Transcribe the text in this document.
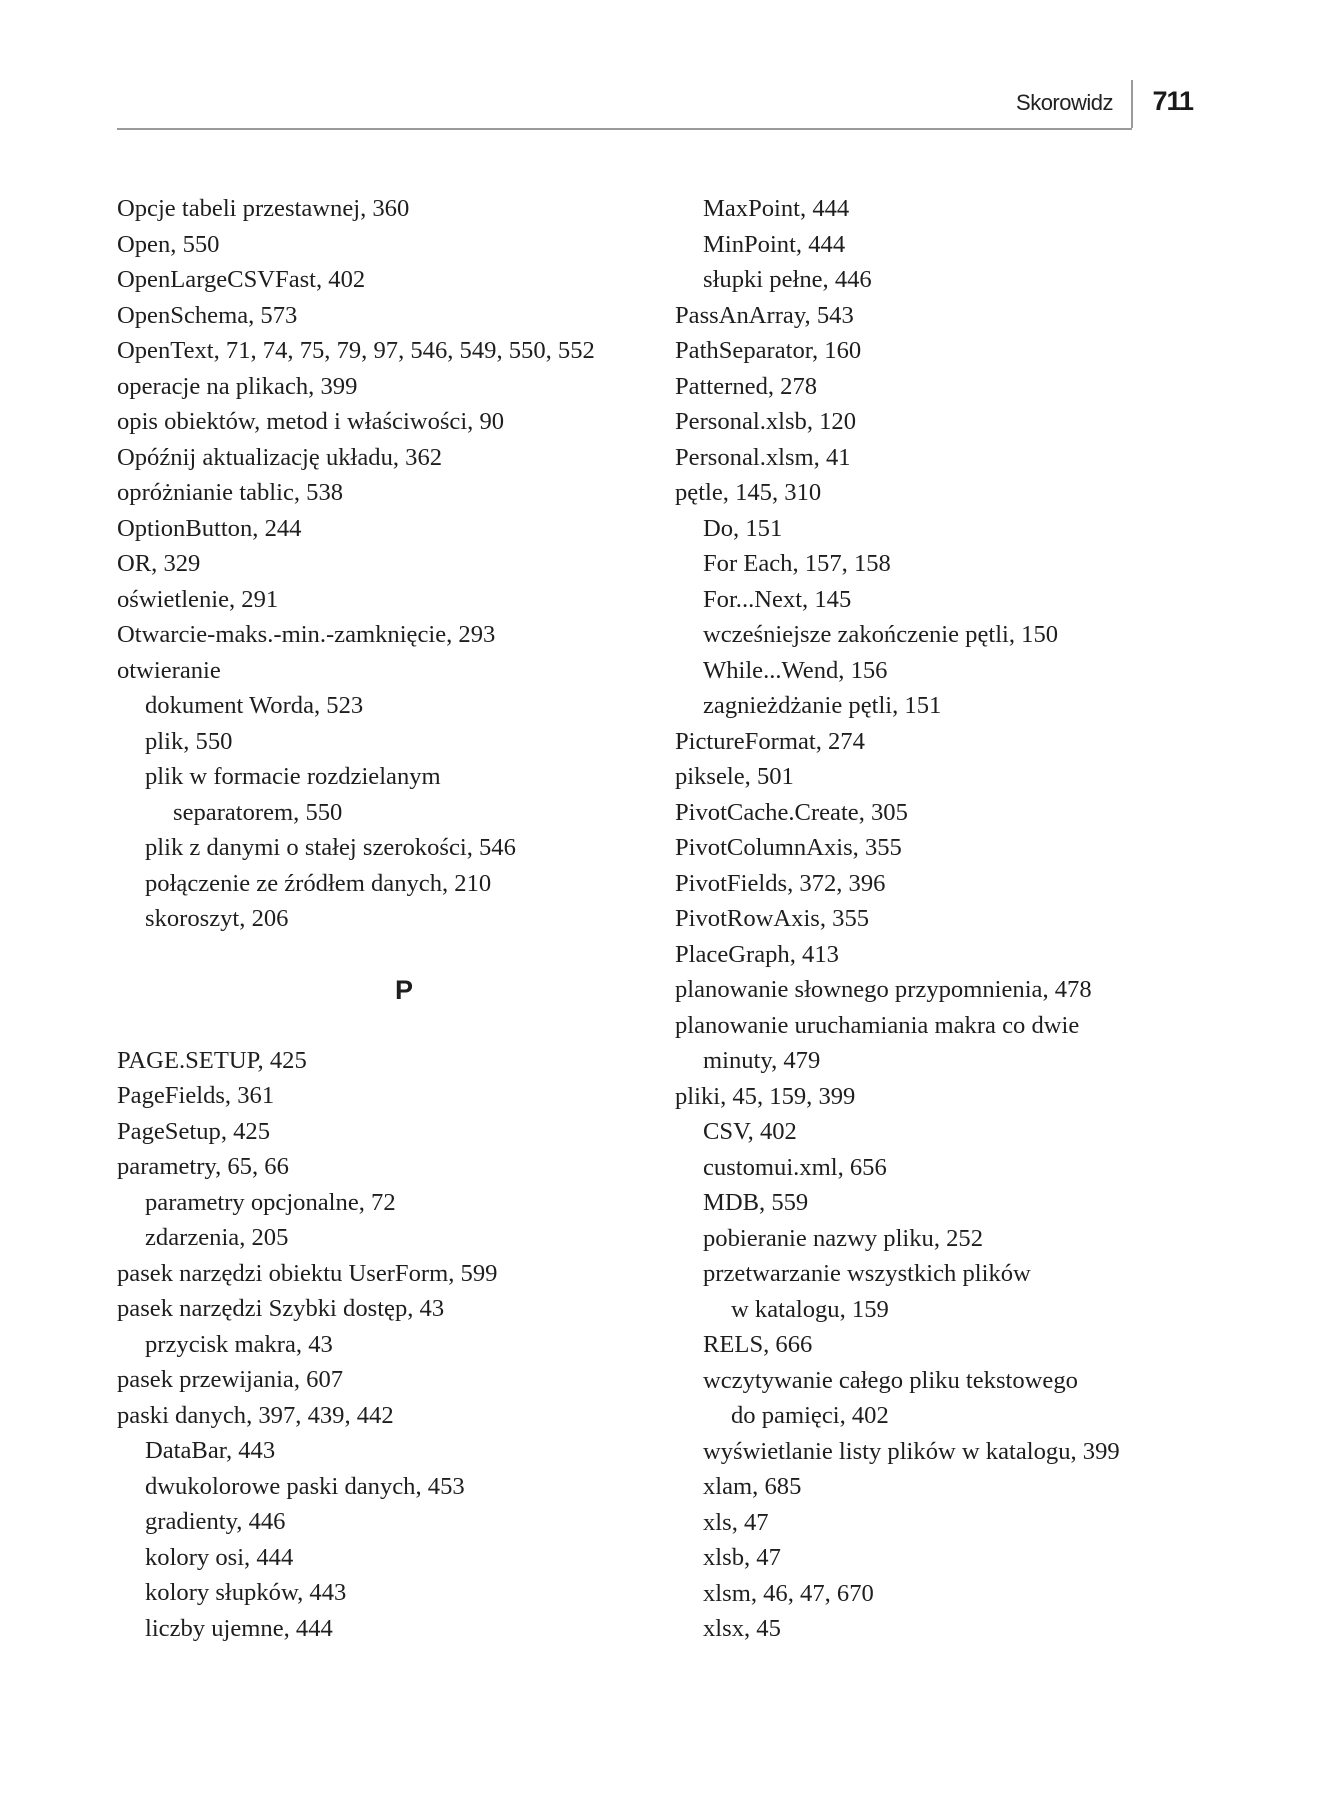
Skorowidz 711
Opcje tabeli przestawnej, 360
Open, 550
OpenLargeCSVFast, 402
OpenSchema, 573
OpenText, 71, 74, 75, 79, 97, 546, 549, 550, 552
operacje na plikach, 399
opis obiektów, metod i właściwości, 90
Opóźnij aktualizację układu, 362
opróżnianie tablic, 538
OptionButton, 244
OR, 329
oświetlenie, 291
Otwarcie-maks.-min.-zamknięcie, 293
otwieranie
dokument Worda, 523
plik, 550
plik w formacie rozdzielanym
separatorem, 550
plik z danymi o stałej szerokości, 546
połączenie ze źródłem danych, 210
skoroszyt, 206
P
PAGE.SETUP, 425
PageFields, 361
PageSetup, 425
parametry, 65, 66
parametry opcjonalne, 72
zdarzenia, 205
pasek narzędzi obiektu UserForm, 599
pasek narzędzi Szybki dostęp, 43
przycisk makra, 43
pasek przewijania, 607
paski danych, 397, 439, 442
DataBar, 443
dwukolorowe paski danych, 453
gradienty, 446
kolory osi, 444
kolory słupków, 443
liczby ujemne, 444
MaxPoint, 444
MinPoint, 444
słupki pełne, 446
PassAnArray, 543
PathSeparator, 160
Patterned, 278
Personal.xlsb, 120
Personal.xlsm, 41
pętle, 145, 310
Do, 151
For Each, 157, 158
For...Next, 145
wcześniejsze zakończenie pętli, 150
While...Wend, 156
zagnieżdżanie pętli, 151
PictureFormat, 274
piksele, 501
PivotCache.Create, 305
PivotColumnAxis, 355
PivotFields, 372, 396
PivotRowAxis, 355
PlaceGraph, 413
planowanie słownego przypomnienia, 478
planowanie uruchamiania makra co dwie
minuty, 479
pliki, 45, 159, 399
CSV, 402
customui.xml, 656
MDB, 559
pobieranie nazwy pliku, 252
przetwarzanie wszystkich plików
w katalogu, 159
RELS, 666
wczytywanie całego pliku tekstowego
do pamięci, 402
wyświetlanie listy plików w katalogu, 399
xlam, 685
xls, 47
xlsb, 47
xlsm, 46, 47, 670
xlsx, 45
